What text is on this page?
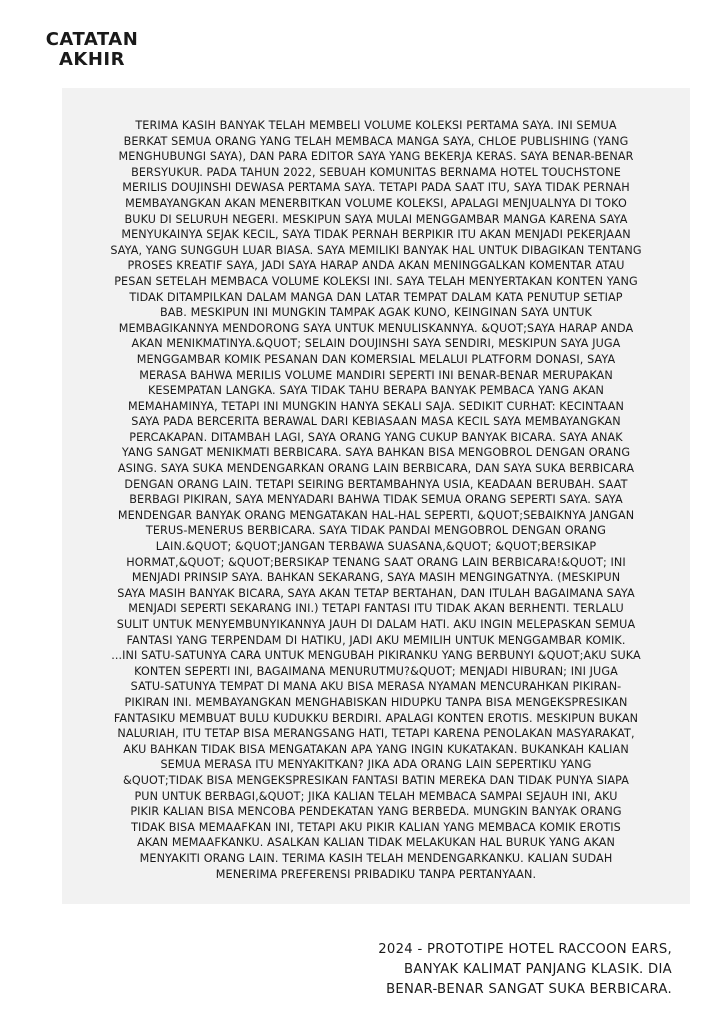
CATATAN
AKHIR
TERIMA KASIH BANYAK TELAH MEMBELI VOLUME KOLEKSI PERTAMA SAYA. INI SEMUA
BERKAT SEMUA ORANG YANG TELAH MEMBACA MANGA SAYA, CHLOE PUBLISHING (YANG
MENGHUBUNGI SAYA), DAN PARA EDITOR SAYA YANG BEKERJA KERAS. SAYA BENAR-BENAR
BERSYUKUR. PADA TAHUN 2022, SEBUAH KOMUNITAS BERNAMA HOTEL TOUCHSTONE
MERILIS DOUJINSHI DEWASA PERTAMA SAYA. TETAPI PADA SAAT ITU, SAYA TIDAK PERNAH
MEMBAYANGKAN AKAN MENERBITKAN VOLUME KOLEKSI, APALAGI MENJUALNYA DI TOKO
BUKU DI SELURUH NEGERI. MESKIPUN SAYA MULAI MENGGAMBAR MANGA KARENA SAYA
MENYUKAINYA SEJAK KECIL, SAYA TIDAK PERNAH BERPIKIR ITU AKAN MENJADI PEKERJAAN
SAYA, YANG SUNGGUH LUAR BIASA. SAYA MEMILIKI BANYAK HAL UNTUK DIBAGIKAN TENTANG
PROSES KREATIF SAYA, JADI SAYA HARAP ANDA AKAN MENINGGALKAN KOMENTAR ATAU
PESAN SETELAH MEMBACA VOLUME KOLEKSI INI. SAYA TELAH MENYERTAKAN KONTEN YANG
TIDAK DITAMPILKAN DALAM MANGA DAN LATAR TEMPAT DALAM KATA PENUTUP SETIAP
BAB. MESKIPUN INI MUNGKIN TAMPAK AGAK KUNO, KEINGINAN SAYA UNTUK
MEMBAGIKANNYA MENDORONG SAYA UNTUK MENULISKANNYA. &QUOT;SAYA HARAP ANDA
AKAN MENIKMATINYA.&QUOT; SELAIN DOUJINSHI SAYA SENDIRI, MESKIPUN SAYA JUGA
MENGGAMBAR KOMIK PESANAN DAN KOMERSIAL MELALUI PLATFORM DONASI, SAYA
MERASA BAHWA MERILIS VOLUME MANDIRI SEPERTI INI BENAR-BENAR MERUPAKAN
KESEMPATAN LANGKA. SAYA TIDAK TAHU BERAPA BANYAK PEMBACA YANG AKAN
MEMAHAMINYA, TETAPI INI MUNGKIN HANYA SEKALI SAJA. SEDIKIT CURHAT: KECINTAAN
SAYA PADA BERCERITA BERAWAL DARI KEBIASAAN MASA KECIL SAYA MEMBAYANGKAN
PERCAKAPAN. DITAMBAH LAGI, SAYA ORANG YANG CUKUP BANYAK BICARA. SAYA ANAK
YANG SANGAT MENIKMATI BERBICARA. SAYA BAHKAN BISA MENGOBROL DENGAN ORANG
ASING. SAYA SUKA MENDENGARKAN ORANG LAIN BERBICARA, DAN SAYA SUKA BERBICARA
DENGAN ORANG LAIN. TETAPI SEIRING BERTAMBAHNYA USIA, KEADAAN BERUBAH. SAAT
BERBAGI PIKIRAN, SAYA MENYADARI BAHWA TIDAK SEMUA ORANG SEPERTI SAYA. SAYA
MENDENGAR BANYAK ORANG MENGATAKAN HAL-HAL SEPERTI, &QUOT;SEBAIKNYA JANGAN
TERUS-MENERUS BERBICARA. SAYA TIDAK PANDAI MENGOBROL DENGAN ORANG
LAIN.&QUOT; &QUOT;JANGAN TERBAWA SUASANA,&QUOT; &QUOT;BERSIKAP
HORMAT,&QUOT; &QUOT;BERSIKAP TENANG SAAT ORANG LAIN BERBICARA!&QUOT; INI
MENJADI PRINSIP SAYA. BAHKAN SEKARANG, SAYA MASIH MENGINGATNYA. (MESKIPUN
SAYA MASIH BANYAK BICARA, SAYA AKAN TETAP BERTAHAN, DAN ITULAH BAGAIMANA SAYA
MENJADI SEPERTI SEKARANG INI.) TETAPI FANTASI ITU TIDAK AKAN BERHENTI. TERLALU
SULIT UNTUK MENYEMBUNYIKANNYA JAUH DI DALAM HATI. AKU INGIN MELEPASKAN SEMUA
FANTASI YANG TERPENDAM DI HATIKU, JADI AKU MEMILIH UNTUK MENGGAMBAR KOMIK.
...INI SATU-SATUNYA CARA UNTUK MENGUBAH PIKIRANKU YANG BERBUNYI &QUOT;AKU SUKA
KONTEN SEPERTI INI, BAGAIMANA MENURUTMU?&QUOT; MENJADI HIBURAN; INI JUGA
SATU-SATUNYA TEMPAT DI MANA AKU BISA MERASA NYAMAN MENCURAHKAN PIKIRAN-
PIKIRAN INI. MEMBAYANGKAN MENGHABISKAN HIDUPKU TANPA BISA MENGEKSPRESIKAN
FANTASIKU MEMBUAT BULU KUDUKKU BERDIRI. APALAGI KONTEN EROTIS. MESKIPUN BUKAN
NALURIAH, ITU TETAP BISA MERANGSANG HATI, TETAPI KARENA PENOLAKAN MASYARAKAT,
AKU BAHKAN TIDAK BISA MENGATAKAN APA YANG INGIN KUKATAKAN. BUKANKAH KALIAN
SEMUA MERASA ITU MENYAKITKAN? JIKA ADA ORANG LAIN SEPERTIKU YANG
&QUOT;TIDAK BISA MENGEKSPRESIKAN FANTASI BATIN MEREKA DAN TIDAK PUNYA SIAPA
PUN UNTUK BERBAGI,&QUOT; JIKA KALIAN TELAH MEMBACA SAMPAI SEJAUH INI, AKU
PIKIR KALIAN BISA MENCOBA PENDEKATAN YANG BERBEDA. MUNGKIN BANYAK ORANG
TIDAK BISA MEMAAFKAN INI, TETAPI AKU PIKIR KALIAN YANG MEMBACA KOMIK EROTIS
AKAN MEMAAFKANKU. ASALKAN KALIAN TIDAK MELAKUKAN HAL BURUK YANG AKAN
MENYAKITI ORANG LAIN. TERIMA KASIH TELAH MENDENGARKANKU. KALIAN SUDAH
MENERIMA PREFERENSI PRIBADIKU TANPA PERTANYAAN.
2024 - PROTOTIPE HOTEL RACCOON EARS,
BANYAK KALIMAT PANJANG KLASIK. DIA
BENAR-BENAR SANGAT SUKA BERBICARA.
